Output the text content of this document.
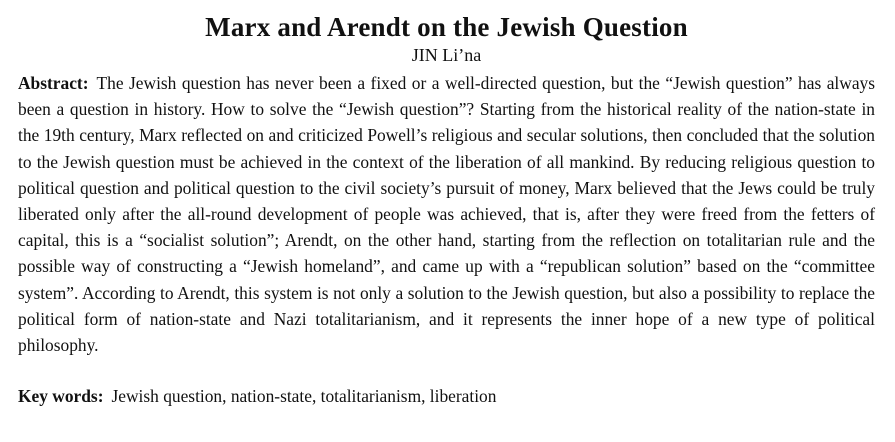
Marx and Arendt on the Jewish Question
JIN Li’na

Abstract: The Jewish question has never been a fixed or a well-directed question, but the “Jewish question” has always been a question in history. How to solve the “Jewish question”? Starting from the historical reality of the nation-state in the 19th century, Marx reflected on and criticized Powell’s religious and secular solutions, then concluded that the solution to the Jewish question must be achieved in the context of the liberation of all mankind. By reducing religious question to political question and political question to the civil society’s pursuit of money, Marx believed that the Jews could be truly liberated only after the all-round development of people was achieved, that is, after they were freed from the fetters of capital, this is a “socialist solution”; Arendt, on the other hand, starting from the reflection on totalitarian rule and the possible way of constructing a “Jewish homeland”, and came up with a “republican solution” based on the “committee system”. According to Arendt, this system is not only a solution to the Jewish question, but also a possibility to replace the political form of nation-state and Nazi totalitarianism, and it represents the inner hope of a new type of political philosophy.

Key words: Jewish question, nation-state, totalitarianism, liberation
